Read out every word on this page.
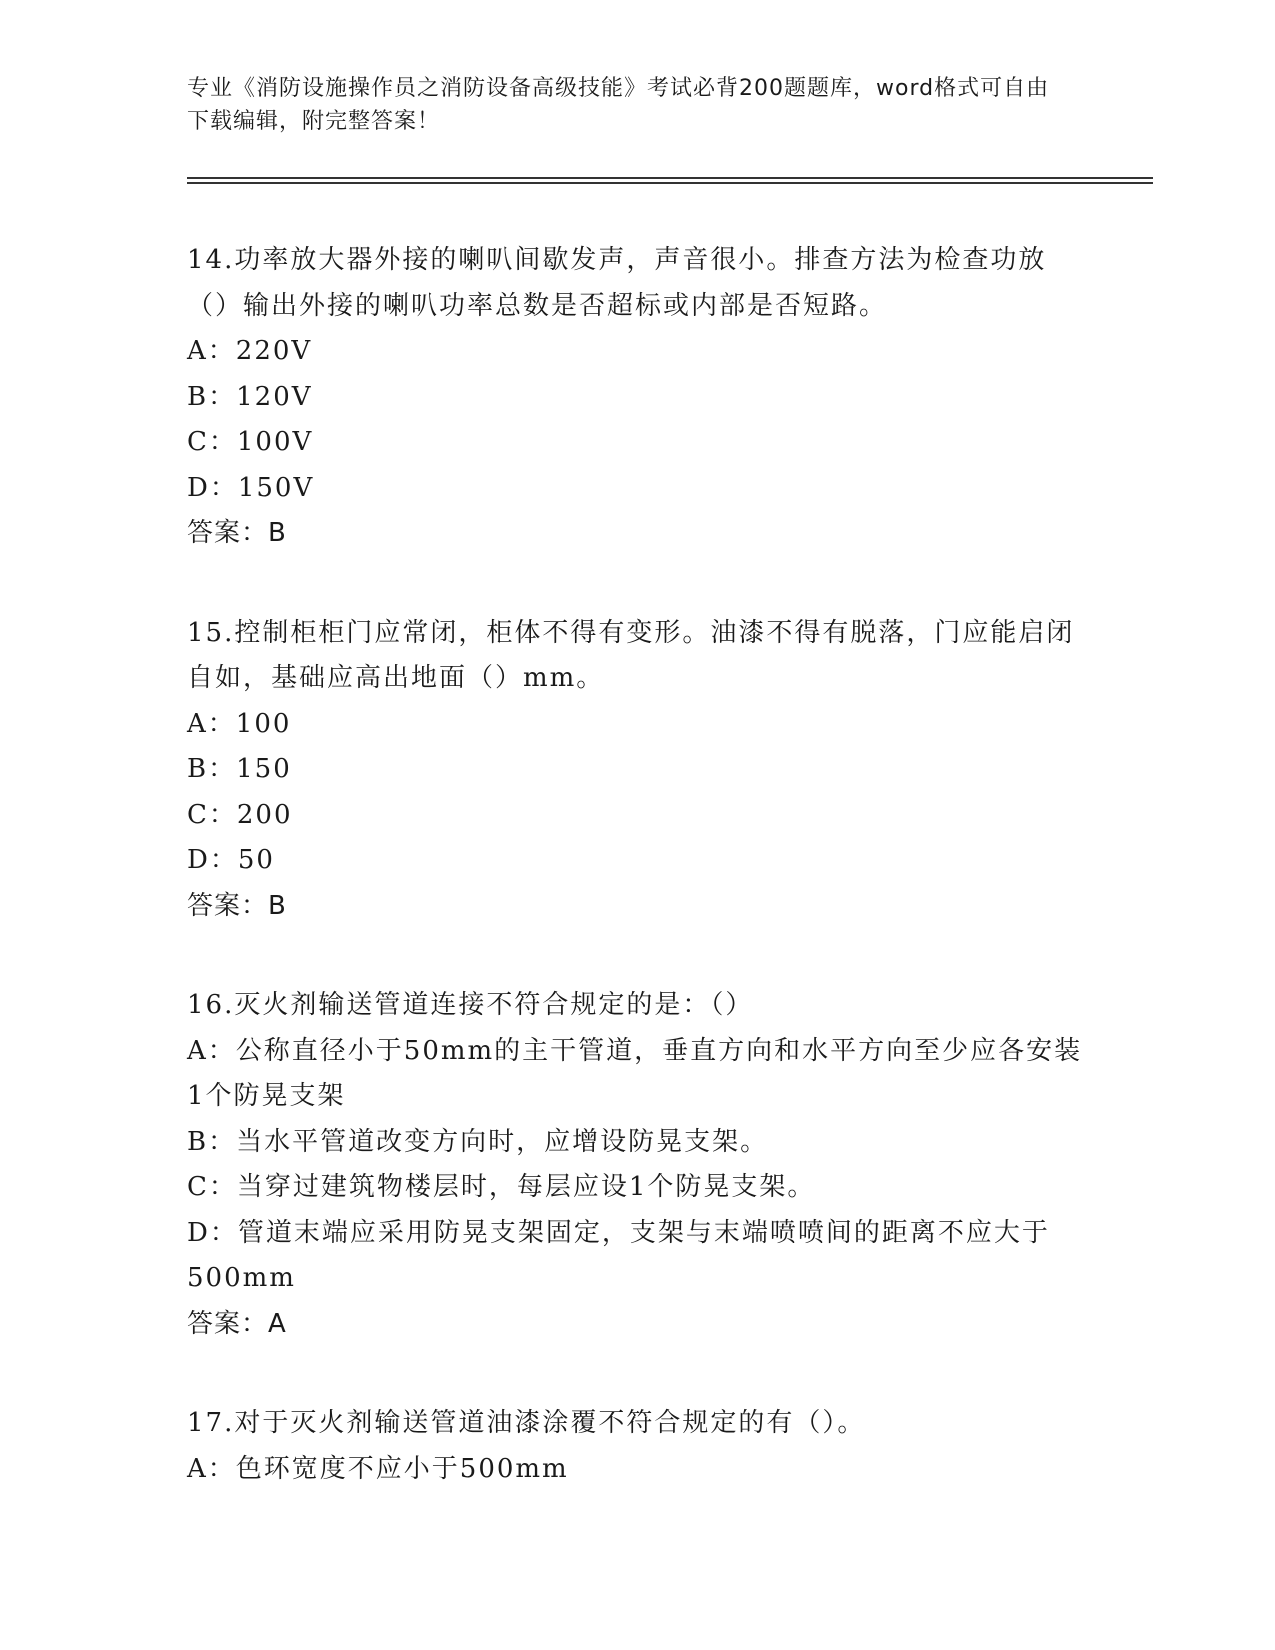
专业《消防设施操作员之消防设备高级技能》考试必背200题题库，word格式可自由下载编辑，附完整答案！

14.功率放大器外接的喇叭间歇发声，声音很小。排查方法为检查功放（）输出外接的喇叭功率总数是否超标或内部是否短路。

A：220V

B：120V

C：100V

D：150V

答案：B

15.控制柜柜门应常闭，柜体不得有变形。油漆不得有脱落，门应能启闭自如，基础应高出地面（）mm。

A：100

B：150

C：200

D：50

答案：B

16.灭火剂输送管道连接不符合规定的是：（）

A：公称直径小于50mm的主干管道，垂直方向和水平方向至少应各安装1个防晃支架

B：当水平管道改变方向时，应增设防晃支架。

C：当穿过建筑物楼层时，每层应设1个防晃支架。

D：管道末端应采用防晃支架固定，支架与末端喷喷间的距离不应大于500mm

答案：A

17.对于灭火剂输送管道油漆涂覆不符合规定的有（）。

A：色环宽度不应小于500mm
